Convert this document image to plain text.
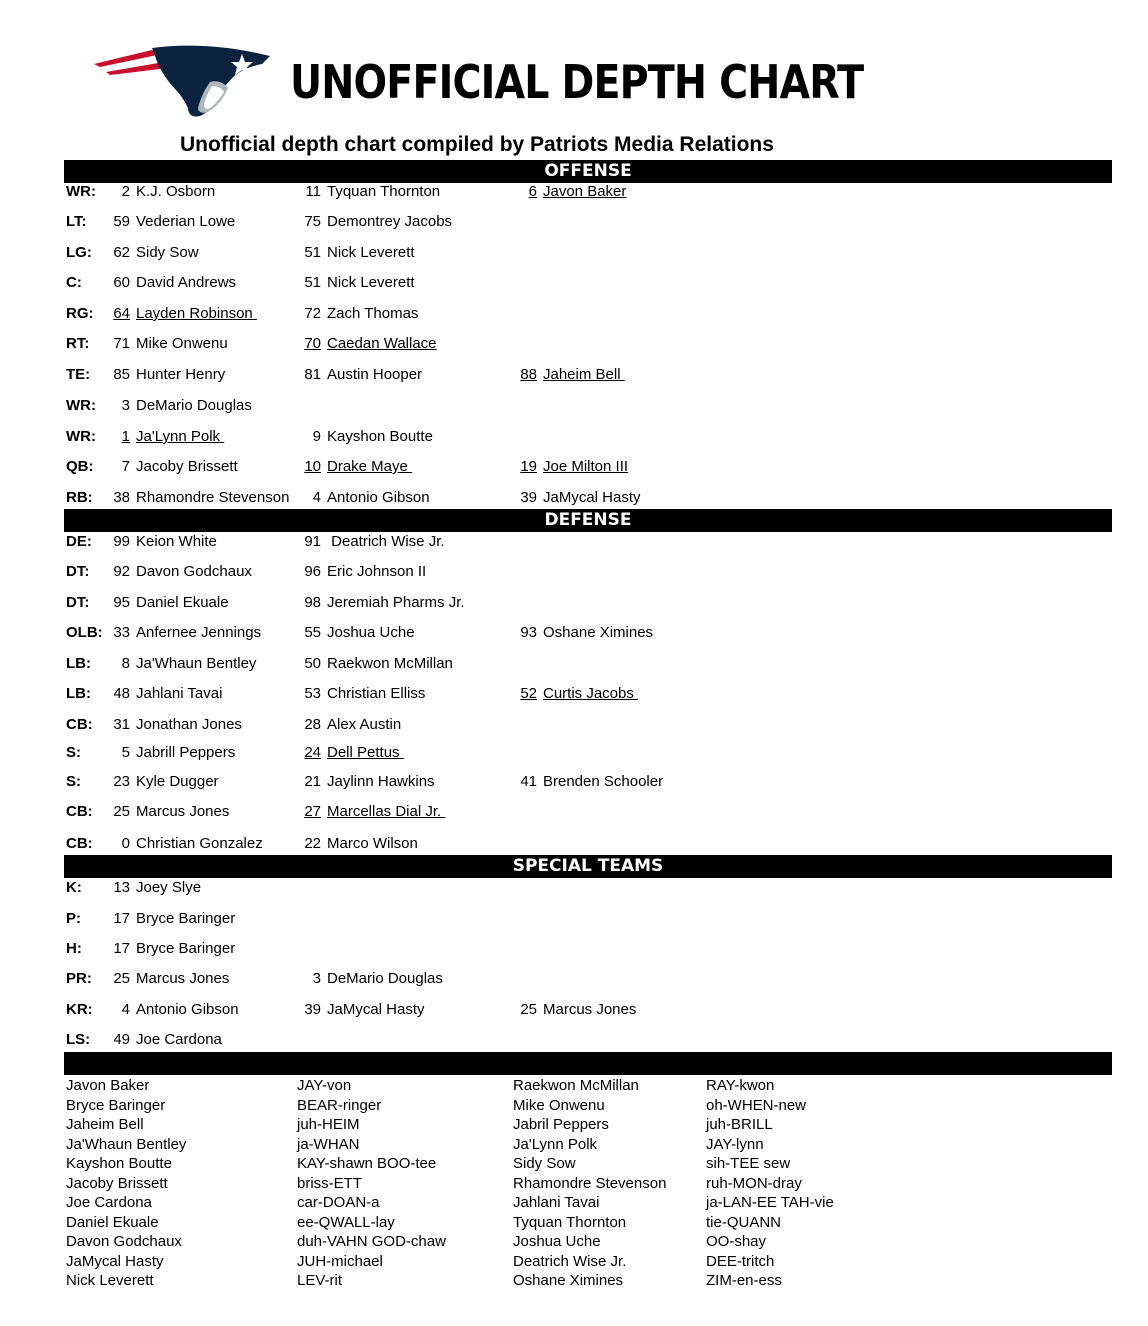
UNOFFICIAL DEPTH CHART
Unofficial depth chart compiled by Patriots Media Relations
OFFENSE
WR:	2 K.J. Osborn	11 Tyquan Thornton	6 Javon Baker
LT:	59 Vederian Lowe	75 Demontrey Jacobs
LG:	62 Sidy Sow	51 Nick Leverett
C:	60 David Andrews	51 Nick Leverett
RG:	64 Layden Robinson	72 Zach Thomas
RT:	71 Mike Onwenu	70 Caedan Wallace
TE:	85 Hunter Henry	81 Austin Hooper	88 Jaheim Bell
WR:	3 DeMario Douglas
WR:	1 Ja'Lynn Polk	9 Kayshon Boutte
QB:	7 Jacoby Brissett	10 Drake Maye	19 Joe Milton III
RB:	38 Rhamondre Stevenson	4 Antonio Gibson	39 JaMycal Hasty
DEFENSE
DE:	99 Keion White	91 Deatrich Wise Jr.
DT:	92 Davon Godchaux	96 Eric Johnson II
DT:	95 Daniel Ekuale	98 Jeremiah Pharms Jr.
OLB: 33 Anfernee Jennings	55 Joshua Uche	93 Oshane Ximines
LB:	8 Ja'Whaun Bentley	50 Raekwon McMillan
LB:	48 Jahlani Tavai	53 Christian Elliss	52 Curtis Jacobs
CB:	31 Jonathan Jones	28 Alex Austin
S:	5 Jabrill Peppers	24 Dell Pettus
S:	23 Kyle Dugger	21 Jaylinn Hawkins	41 Brenden Schooler
CB:	25 Marcus Jones	27 Marcellas Dial Jr.
CB:	0 Christian Gonzalez	22 Marco Wilson
SPECIAL TEAMS
K:	13 Joey Slye
P:	17 Bryce Baringer
H:	17 Bryce Baringer
PR:	25 Marcus Jones	3 DeMario Douglas
KR:	4 Antonio Gibson	39 JaMycal Hasty	25 Marcus Jones
LS:	49 Joe Cardona
Javon Baker	JAY-von	Raekwon McMillan	RAY-kwon
Bryce Baringer	BEAR-ringer	Mike Onwenu	oh-WHEN-new
Jaheim Bell	juh-HEIM	Jabril Peppers	juh-BRILL
Ja'Whaun Bentley	ja-WHAN	Ja'Lynn Polk	JAY-lynn
Kayshon Boutte	KAY-shawn BOO-tee	Sidy Sow	sih-TEE sew
Jacoby Brissett	briss-ETT	Rhamondre Stevenson	ruh-MON-dray
Joe Cardona	car-DOAN-a	Jahlani Tavai	ja-LAN-EE TAH-vie
Daniel Ekuale	ee-QWALL-lay	Tyquan Thornton	tie-QUANN
Davon Godchaux	duh-VAHN GOD-chaw	Joshua Uche	OO-shay
JaMycal Hasty	JUH-michael	Deatrich Wise Jr.	DEE-tritch
Nick Leverett	LEV-rit	Oshane Ximines	ZIM-en-ess
